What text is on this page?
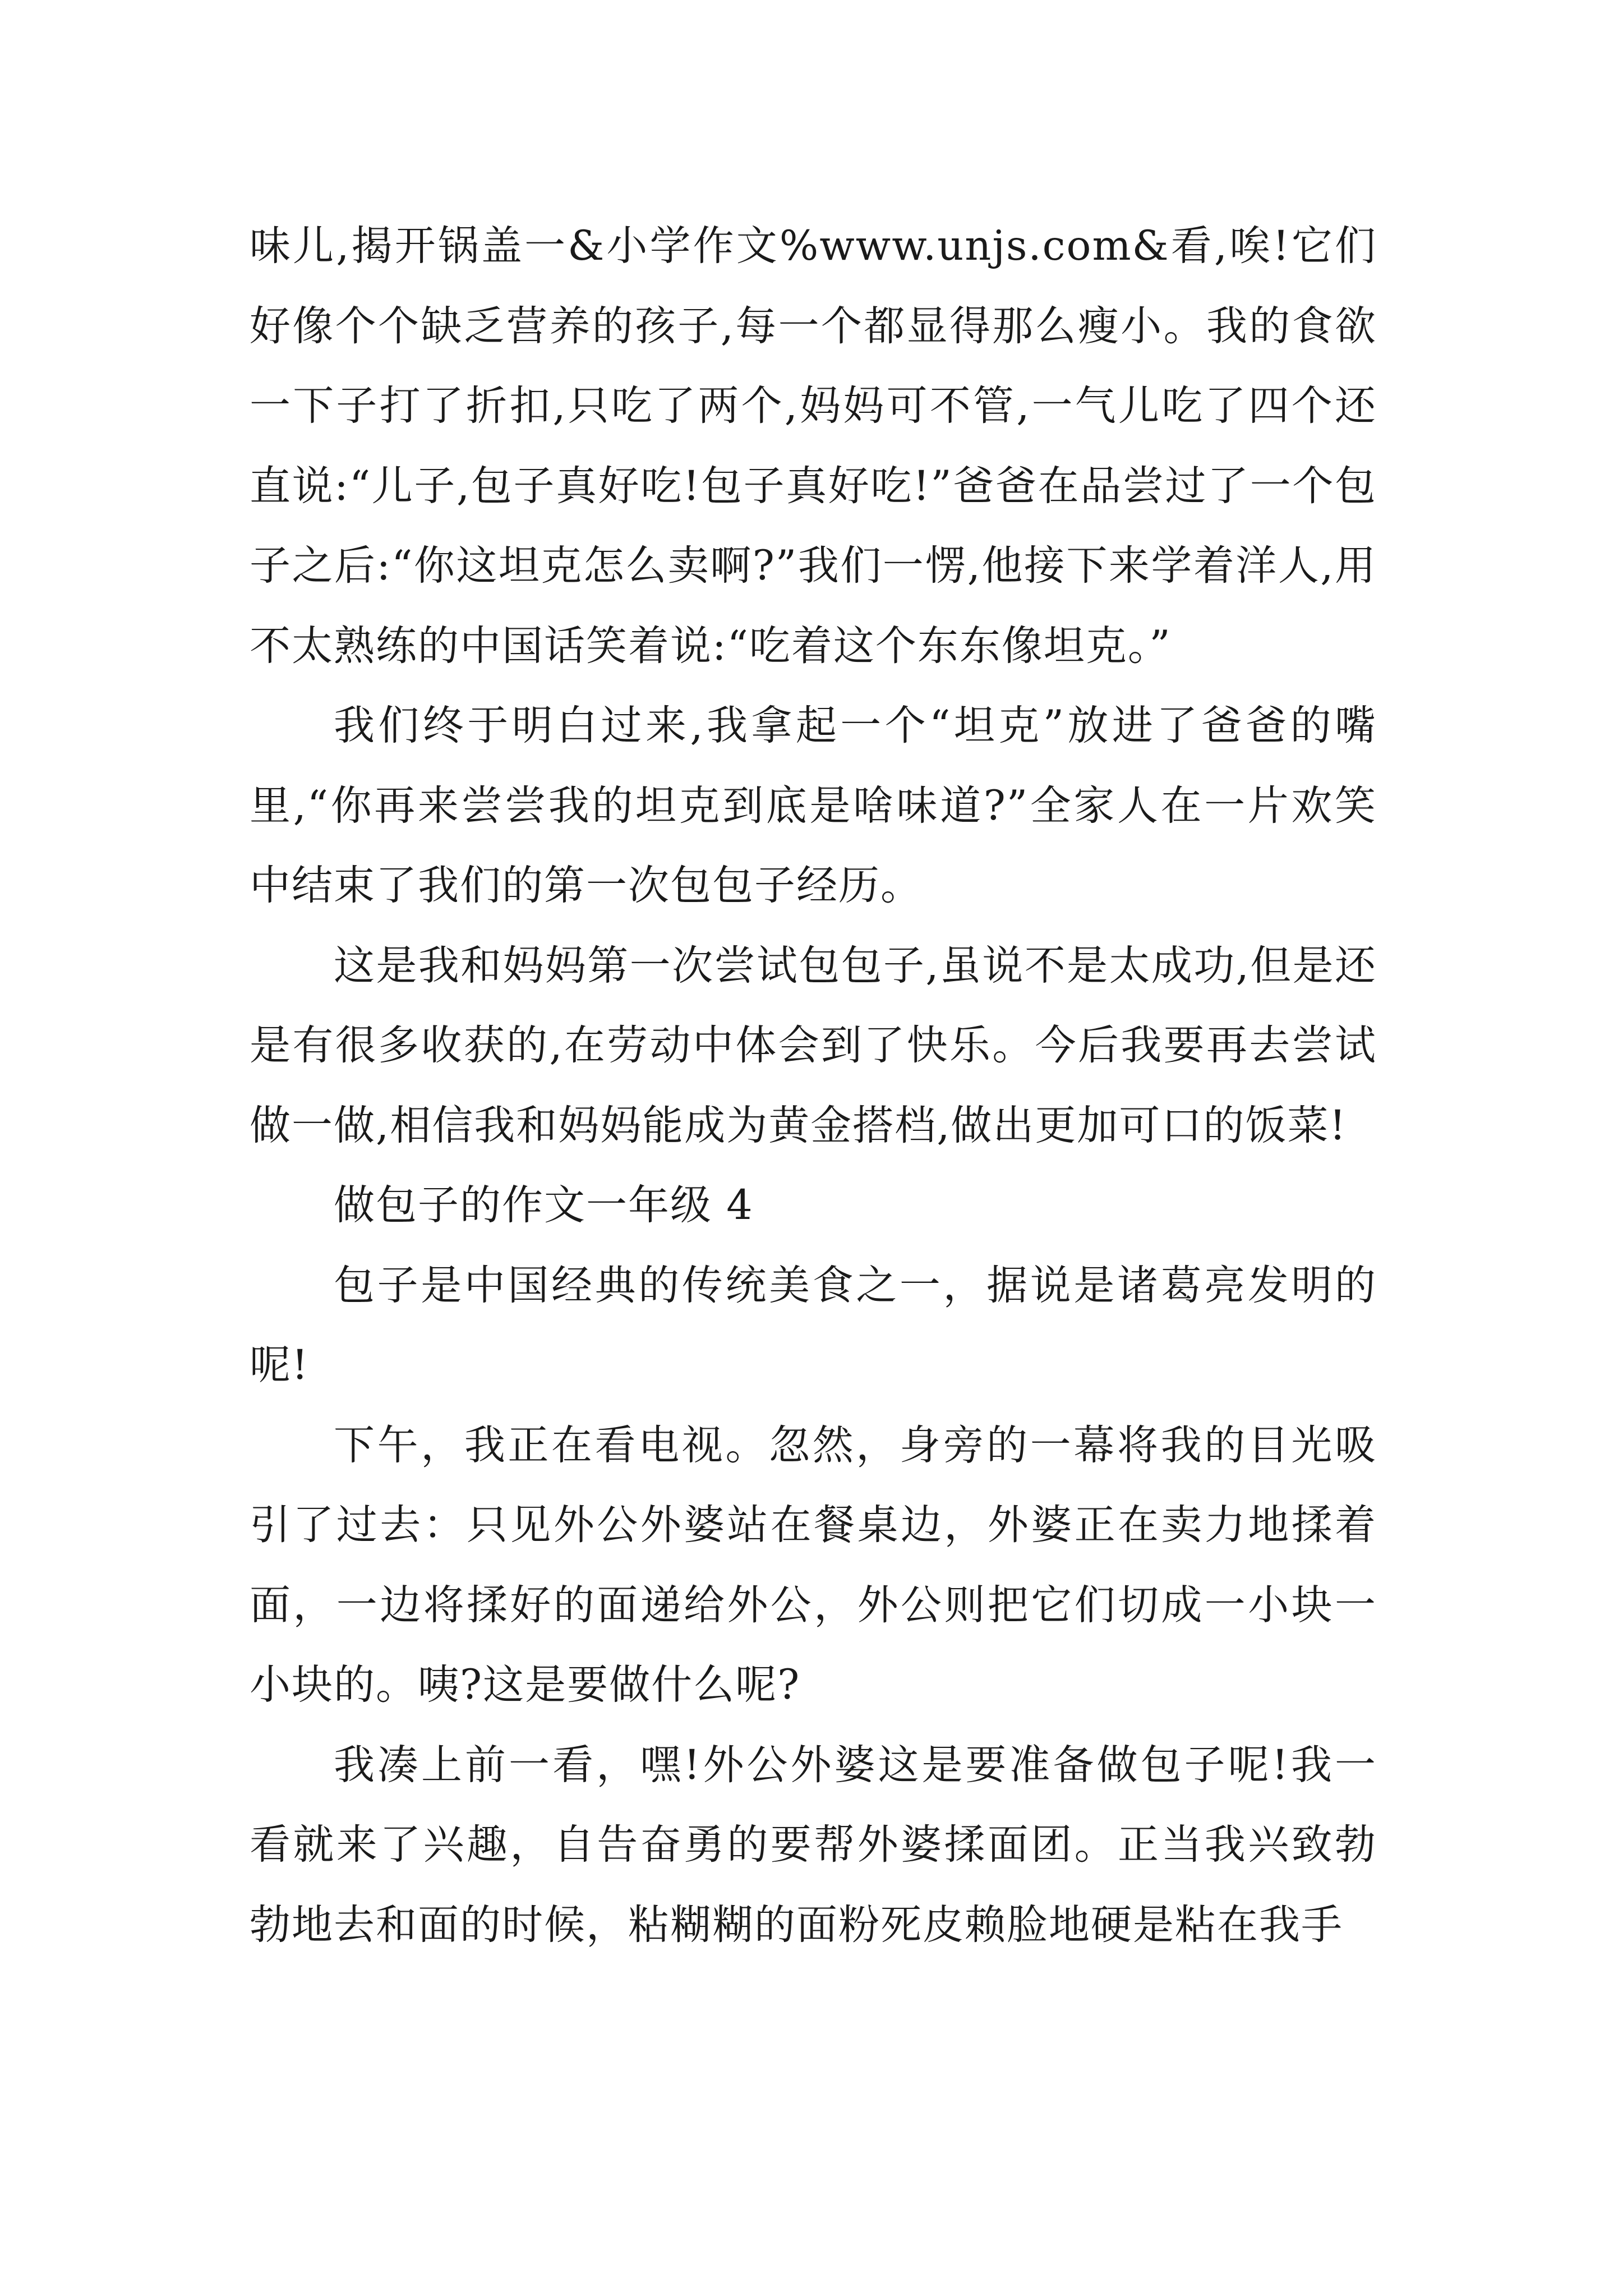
味儿,揭开锅盖一&小学作文%www.unjs.com&看,唉!它们好像个个缺乏营养的孩子,每一个都显得那么瘦小。我的食欲一下子打了折扣,只吃了两个,妈妈可不管,一气儿吃了四个还直说:“儿子,包子真好吃!包子真好吃!”爸爸在品尝过了一个包子之后:“你这坦克怎么卖啊?”我们一愣,他接下来学着洋人,用不太熟练的中国话笑着说:“吃着这个东东像坦克。”

我们终于明白过来,我拿起一个“坦克”放进了爸爸的嘴里,“你再来尝尝我的坦克到底是啥味道?”全家人在一片欢笑中结束了我们的第一次包包子经历。

这是我和妈妈第一次尝试包包子,虽说不是太成功,但是还是有很多收获的,在劳动中体会到了快乐。今后我要再去尝试做一做,相信我和妈妈能成为黄金搭档,做出更加可口的饭菜!

做包子的作文一年级 4

包子是中国经典的传统美食之一，据说是诸葛亮发明的呢!

下午，我正在看电视。忽然，身旁的一幕将我的目光吸引了过去：只见外公外婆站在餐桌边，外婆正在卖力地揉着面，一边将揉好的面递给外公，外公则把它们切成一小块一小块的。咦?这是要做什么呢?

我凑上前一看，嘿!外公外婆这是要准备做包子呢!我一看就来了兴趣，自告奋勇的要帮外婆揉面团。正当我兴致勃勃地去和面的时候，粘糊糊的面粉死皮赖脸地硬是粘在我手
